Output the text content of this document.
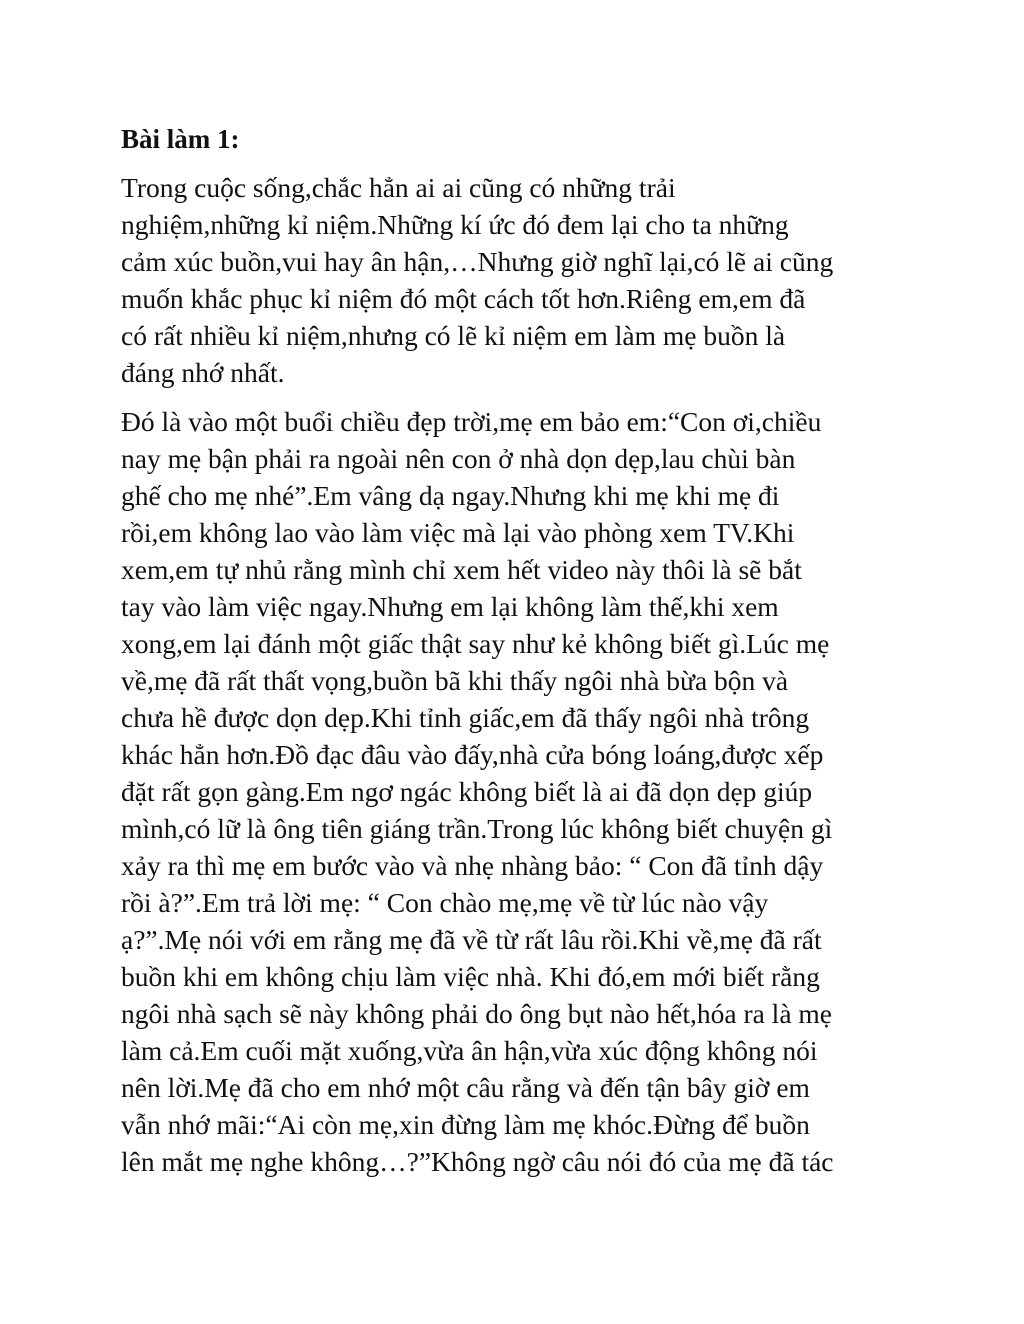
Bài làm 1:

Trong cuộc sống,chắc hẳn ai ai cũng có những trải
nghiệm,những kỉ niệm.Những kí ức đó đem lại cho ta những
cảm xúc buồn,vui hay ân hận,…Nhưng giờ nghĩ lại,có lẽ ai cũng
muốn khắc phục kỉ niệm đó một cách tốt hơn.Riêng em,em đã
có rất nhiều kỉ niệm,nhưng có lẽ kỉ niệm em làm mẹ buồn là
đáng nhớ nhất.

Đó là vào một buổi chiều đẹp trời,mẹ em bảo em:“Con ơi,chiều
nay mẹ bận phải ra ngoài nên con ở nhà dọn dẹp,lau chùi bàn
ghế cho mẹ nhé”.Em vâng dạ ngay.Nhưng khi mẹ khi mẹ đi
rồi,em không lao vào làm việc mà lại vào phòng xem TV.Khi
xem,em tự nhủ rằng mình chỉ xem hết video này thôi là sẽ bắt
tay vào làm việc ngay.Nhưng em lại không làm thế,khi xem
xong,em lại đánh một giấc thật say như kẻ không biết gì.Lúc mẹ
về,mẹ đã rất thất vọng,buồn bã khi thấy ngôi nhà bừa bộn và
chưa hề được dọn dẹp.Khi tỉnh giấc,em đã thấy ngôi nhà trông
khác hẳn hơn.Đồ đạc đâu vào đấy,nhà cửa bóng loáng,được xếp
đặt rất gọn gàng.Em ngơ ngác không biết là ai đã dọn dẹp giúp
mình,có lữ là ông tiên giáng trần.Trong lúc không biết chuyện gì
xảy ra thì mẹ em bước vào và nhẹ nhàng bảo: “ Con đã tỉnh dậy
rồi à?”.Em trả lời mẹ: “ Con chào mẹ,mẹ về từ lúc nào vậy
ạ?”.Mẹ nói với em rằng mẹ đã về từ rất lâu rồi.Khi về,mẹ đã rất
buồn khi em không chịu làm việc nhà. Khi đó,em mới biết rằng
ngôi nhà sạch sẽ này không phải do ông bụt nào hết,hóa ra là mẹ
làm cả.Em cuối mặt xuống,vừa ân hận,vừa xúc động không nói
nên lời.Mẹ đã cho em nhớ một câu rằng và đến tận bây giờ em
vẫn nhớ mãi:“Ai còn mẹ,xin đừng làm mẹ khóc.Đừng để buồn
lên mắt mẹ nghe không…?”Không ngờ câu nói đó của mẹ đã tác
